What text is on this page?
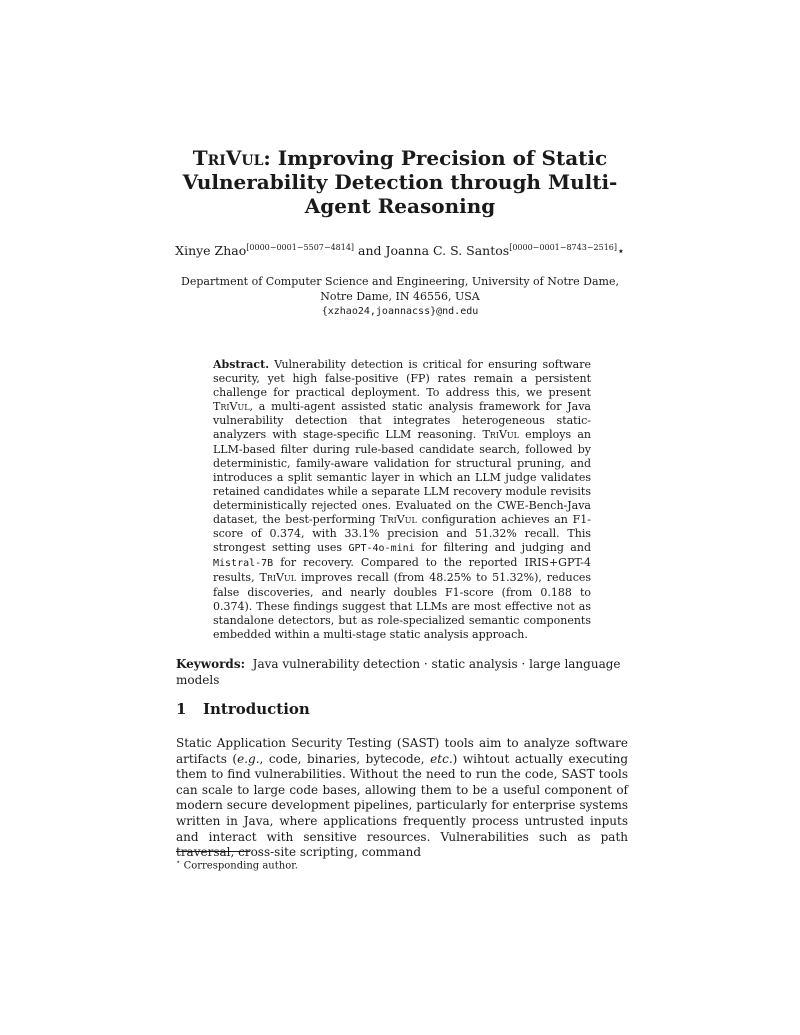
TriVul: Improving Precision of Static Vulnerability Detection through Multi-Agent Reasoning
Xinye Zhao[0000−0001−5507−4814] and Joanna C. S. Santos[0000−0001−8743−2516]⋆
Department of Computer Science and Engineering, University of Notre Dame, Notre Dame, IN 46556, USA
{xzhao24,joannacss}@nd.edu
Abstract. Vulnerability detection is critical for ensuring software security, yet high false-positive (FP) rates remain a persistent challenge for practical deployment. To address this, we present TriVul, a multi-agent assisted static analysis framework for Java vulnerability detection that integrates heterogeneous static-analyzers with stage-specific LLM reasoning. TriVul employs an LLM-based filter during rule-based candidate search, followed by deterministic, family-aware validation for structural pruning, and introduces a split semantic layer in which an LLM judge validates retained candidates while a separate LLM recovery module revisits deterministically rejected ones. Evaluated on the CWE-Bench-Java dataset, the best-performing TriVul configuration achieves an F1-score of 0.374, with 33.1% precision and 51.32% recall. This strongest setting uses GPT-4o-mini for filtering and judging and Mistral-7B for recovery. Compared to the reported IRIS+GPT-4 results, TriVul improves recall (from 48.25% to 51.32%), reduces false discoveries, and nearly doubles F1-score (from 0.188 to 0.374). These findings suggest that LLMs are most effective not as standalone detectors, but as role-specialized semantic components embedded within a multi-stage static analysis approach.
Keywords: Java vulnerability detection · static analysis · large language models
1 Introduction
Static Application Security Testing (SAST) tools aim to analyze software artifacts (e.g., code, binaries, bytecode, etc.) wihtout actually executing them to find vulnerabilities. Without the need to run the code, SAST tools can scale to large code bases, allowing them to be a useful component of modern secure development pipelines, particularly for enterprise systems written in Java, where applications frequently process untrusted inputs and interact with sensitive resources. Vulnerabilities such as path traversal, cross-site scripting, command
⋆ Corresponding author.
